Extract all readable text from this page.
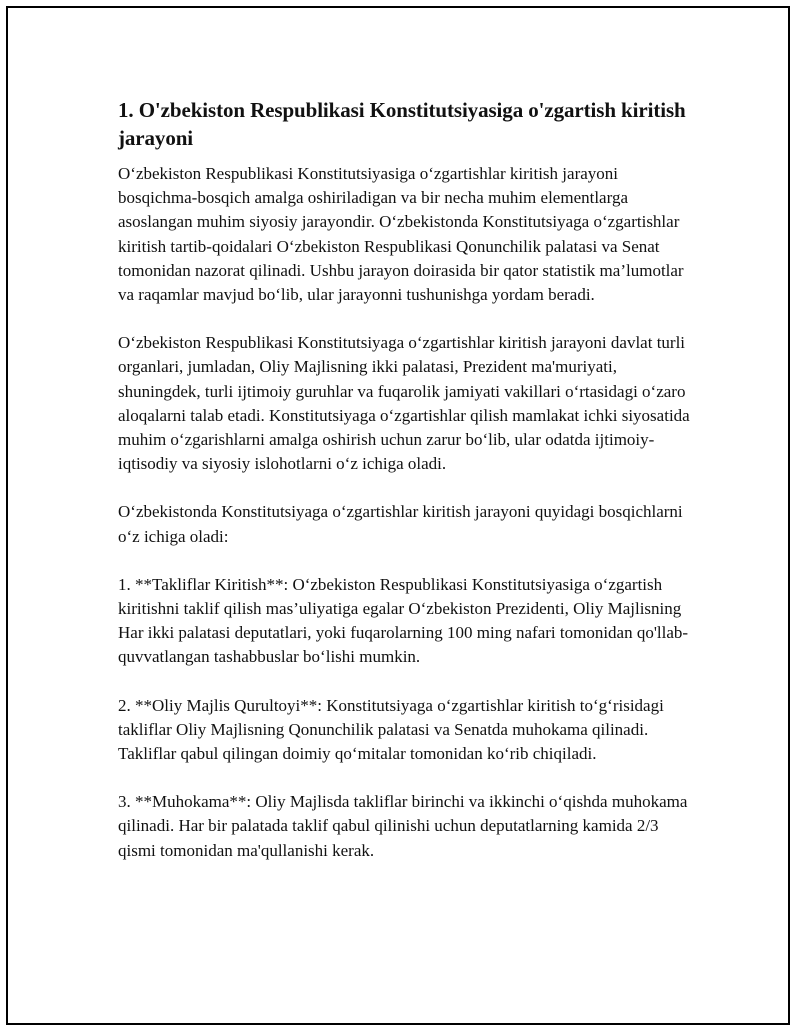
1. O'zbekiston Respublikasi Konstitutsiyasiga o'zgartish kiritish jarayoni

O‘zbekiston Respublikasi Konstitutsiyasiga o‘zgartishlar kiritish jarayoni bosqichma-bosqich amalga oshiriladigan va bir necha muhim elementlarga asoslangan muhim siyosiy jarayondir. O‘zbekistonda Konstitutsiyaga o‘zgartishlar kiritish tartib-qoidalari O‘zbekiston Respublikasi Qonunchilik palatasi va Senat tomonidan nazorat qilinadi. Ushbu jarayon doirasida bir qator statistik ma’lumotlar va raqamlar mavjud bo‘lib, ular jarayonni tushunishga yordam beradi.

O‘zbekiston Respublikasi Konstitutsiyaga o‘zgartishlar kiritish jarayoni davlat turli organlari, jumladan, Oliy Majlisning ikki palatasi, Prezident ma'muriyati, shuningdek, turli ijtimoiy guruhlar va fuqarolik jamiyati vakillari o‘rtasidagi o‘zaro aloqalarni talab etadi. Konstitutsiyaga o‘zgartishlar qilish mamlakat ichki siyosatida muhim o‘zgarishlarni amalga oshirish uchun zarur bo‘lib, ular odatda ijtimoiy-iqtisodiy va siyosiy islohotlarni o‘z ichiga oladi.

O‘zbekistonda Konstitutsiyaga o‘zgartishlar kiritish jarayoni quyidagi bosqichlarni o‘z ichiga oladi:

1. **Takliflar Kiritish**: O‘zbekiston Respublikasi Konstitutsiyasiga o‘zgartish kiritishni taklif qilish mas’uliyatiga egalar O‘zbekiston Prezidenti, Oliy Majlisning Har ikki palatasi deputatlari, yoki fuqarolarning 100 ming nafari tomonidan qo'llab-quvvatlangan tashabbuslar bo‘lishi mumkin.

2. **Oliy Majlis Qurultoyi**: Konstitutsiyaga o‘zgartishlar kiritish to‘g‘risidagi takliflar Oliy Majlisning Qonunchilik palatasi va Senatda muhokama qilinadi. Takliflar qabul qilingan doimiy qo‘mitalar tomonidan ko‘rib chiqiladi.

3. **Muhokama**: Oliy Majlisda takliflar birinchi va ikkinchi o‘qishda muhokama qilinadi. Har bir palatada taklif qabul qilinishi uchun deputatlarning kamida 2/3 qismi tomonidan ma'qullanishi kerak.
